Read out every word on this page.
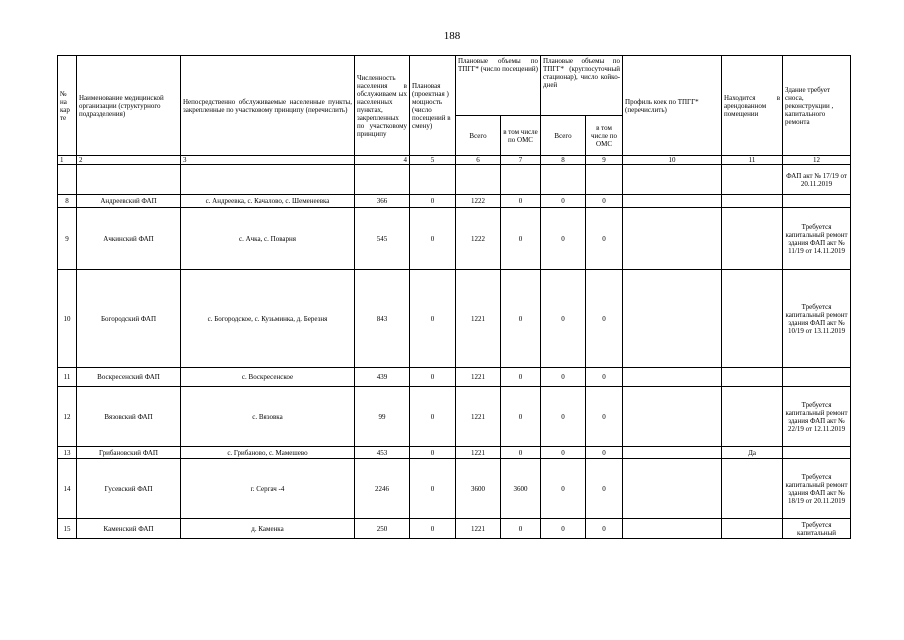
188
№ на кар те	Наименование медицинской организации (структурного подразделения)	Непосредственно обслуживаемые населенные пункты, закрепленные по участковому принципу (перечислить)	Численность населения в обслуживаем ых населенных пунктах, закрепленных по участковому принципу	Плановая (проектная ) мощность (число посещений в смену)	Плановые объемы по ТПГГ* (число посещений)		Плановые объемы по ТПГГ* (круглосуточный стационар), число койко-дней		Профиль коек по ТПГГ* (перечислить)	Находится в арендованном помещении	Здание требует сноса, реконструкции , капитального ремонта
					Всего	в том числе по ОМС	Всего	в том числе по ОМС			
1	2	3	4	5	6	7	8	9	10	11	12
											ФАП акт № 17/19 от 20.11.2019
8	Андреевский ФАП	с. Андреевка, с. Качалово, с. Шеменеевка	366	0	1222	0	0	0			
9	Ачкинский ФАП	с. Ачка, с. Поварня	545	0	1222	0	0	0			Требуется капитальный ремонт здания ФАП акт № 11/19 от 14.11.2019
10	Богородский ФАП	с. Богородское, с. Кузьминка, д. Березня	843	0	1221	0	0	0			Требуется капитальный ремонт здания ФАП акт № 10/19 от 13.11.2019
11	Воскресенский ФАП	с. Воскресенское	439	0	1221	0	0	0			
12	Вязовский ФАП	с. Вязовка	99	0	1221	0	0	0			Требуется капитальный ремонт здания ФАП акт № 22/19 от 12.11.2019
13	Грибановский ФАП	с. Грибаново, с. Мамешево	453	0	1221	0	0	0		Да	
14	Гусевский ФАП	г. Сергач -4	2246	0	3600	3600	0	0			Требуется капитальный ремонт здания ФАП акт № 18/19 от 20.11.2019
15	Каменский ФАП	д. Каменка	250	0	1221	0	0	0			Требуется капитальный
